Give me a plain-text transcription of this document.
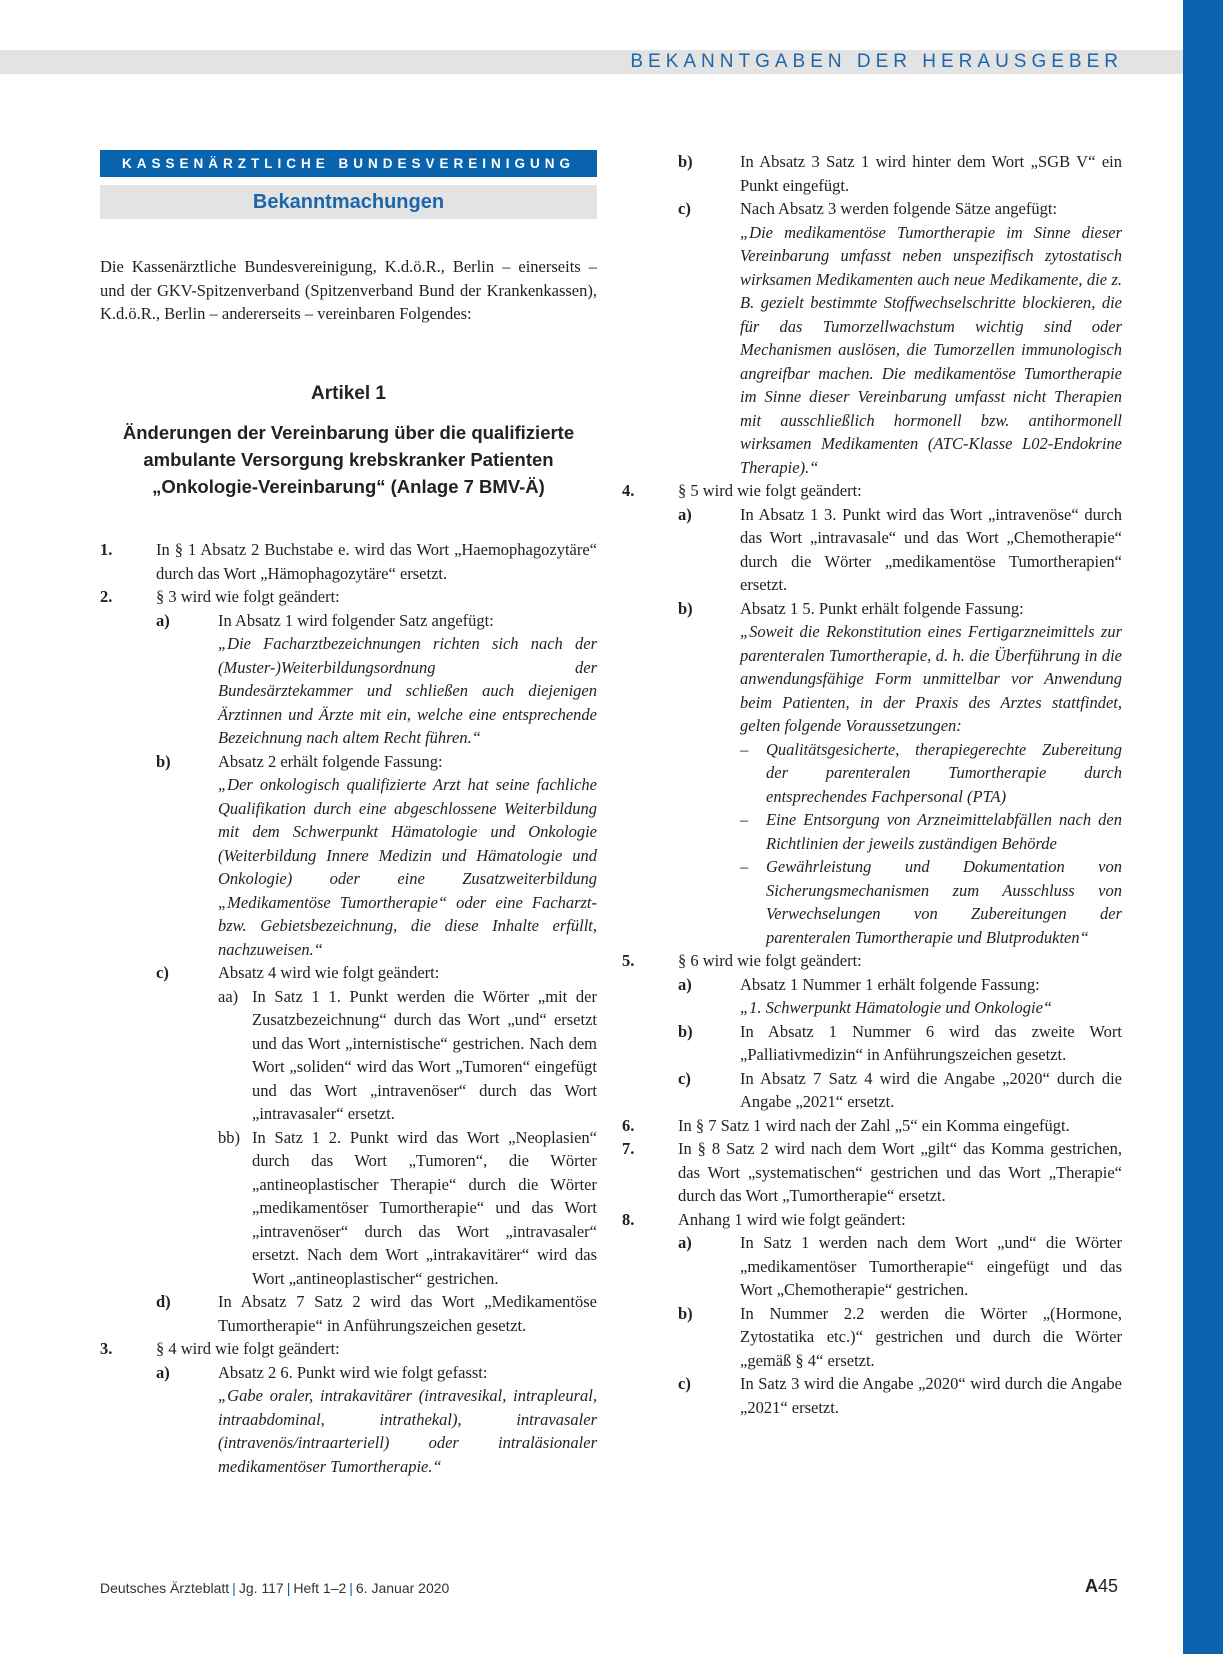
BEKANNTGABEN DER HERAUSGEBER
KASSENÄRZTLICHE BUNDESVEREINIGUNG
Bekanntmachungen
Die Kassenärztliche Bundesvereinigung, K.d.ö.R., Berlin – einerseits – und der GKV-Spitzenverband (Spitzenverband Bund der Krankenkassen), K.d.ö.R., Berlin – andererseits – vereinbaren Folgendes:
Artikel 1
Änderungen der Vereinbarung über die qualifizierte ambulante Versorgung krebskranker Patienten „Onkologie-Vereinbarung“ (Anlage 7 BMV-Ä)
1.	In § 1 Absatz 2 Buchstabe e. wird das Wort „Haemophagozytäre“ durch das Wort „Hämophagozytäre“ ersetzt.
2.	§ 3 wird wie folgt geändert:
a)	In Absatz 1 wird folgender Satz angefügt:
„Die Facharztbezeichnungen richten sich nach der (Muster-)Weiterbildungsordnung der Bundesärztekammer und schließen auch diejenigen Ärztinnen und Ärzte mit ein, welche eine entsprechende Bezeichnung nach altem Recht führen.“
b)	Absatz 2 erhält folgende Fassung:
„Der onkologisch qualifizierte Arzt hat seine fachliche Qualifikation durch eine abgeschlossene Weiterbildung mit dem Schwerpunkt Hämatologie und Onkologie (Weiterbildung Innere Medizin und Hämatologie und Onkologie) oder eine Zusatzweiterbildung „Medikamentöse Tumortherapie“ oder eine Facharzt- bzw. Gebietsbezeichnung, die diese Inhalte erfüllt, nachzuweisen.“
c)	Absatz 4 wird wie folgt geändert:
aa) In Satz 1 1. Punkt werden die Wörter „mit der Zusatzbezeichnung“ durch das Wort „und“ ersetzt und das Wort „internistische“ gestrichen. Nach dem Wort „soliden“ wird das Wort „Tumoren“ eingefügt und das Wort „intravenöser“ durch das Wort „intravasaler“ ersetzt.
bb) In Satz 1 2. Punkt wird das Wort „Neoplasien“ durch das Wort „Tumoren“, die Wörter „antineoplastischer Therapie“ durch die Wörter „medikamentöser Tumortherapie“ und das Wort „intravenöser“ durch das Wort „intravasaler“ ersetzt. Nach dem Wort „intrakavitärer“ wird das Wort „antineoplastischer“ gestrichen.
d)	In Absatz 7 Satz 2 wird das Wort „Medikamentöse Tumortherapie“ in Anführungszeichen gesetzt.
3.	§ 4 wird wie folgt geändert:
a)	Absatz 2 6. Punkt wird wie folgt gefasst:
„Gabe oraler, intrakavitärer (intravesikal, intrapleural, intraabdominal, intrathekal), intravasaler (intravenös/intraarteriell) oder intraläsionaler medikamentöser Tumortherapie.“
b)	In Absatz 3 Satz 1 wird hinter dem Wort „SGB V“ ein Punkt eingefügt.
c)	Nach Absatz 3 werden folgende Sätze angefügt:
„Die medikamentöse Tumortherapie im Sinne dieser Vereinbarung umfasst neben unspezifisch zytostatisch wirksamen Medikamenten auch neue Medikamente, die z. B. gezielt bestimmte Stoffwechselschritte blockieren, die für das Tumorzellwachstum wichtig sind oder Mechanismen auslösen, die Tumorzellen immunologisch angreifbar machen. Die medikamentöse Tumortherapie im Sinne dieser Vereinbarung umfasst nicht Therapien mit ausschließlich hormonell bzw. antihormonell wirksamen Medikamenten (ATC-Klasse L02-Endokrine Therapie).“
4.	§ 5 wird wie folgt geändert:
a)	In Absatz 1 3. Punkt wird das Wort „intravenöse“ durch das Wort „intravasale“ und das Wort „Chemotherapie“ durch die Wörter „medikamentöse Tumortherapien“ ersetzt.
b)	Absatz 1 5. Punkt erhält folgende Fassung:
„Soweit die Rekonstitution eines Fertigarzneimittels zur parenteralen Tumortherapie, d. h. die Überführung in die anwendungsfähige Form unmittelbar vor Anwendung beim Patienten, in der Praxis des Arztes stattfindet, gelten folgende Voraussetzungen:
–	Qualitätsgesicherte, therapiegerechte Zubereitung der parenteralen Tumortherapie durch entsprechendes Fachpersonal (PTA)
–	Eine Entsorgung von Arzneimittelabfällen nach den Richtlinien der jeweils zuständigen Behörde
–	Gewährleistung und Dokumentation von Sicherungsmechanismen zum Ausschluss von Verwechselungen von Zubereitungen der parenteralen Tumortherapie und Blutprodukten“
5.	§ 6 wird wie folgt geändert:
a)	Absatz 1 Nummer 1 erhält folgende Fassung:
„1. Schwerpunkt Hämatologie und Onkologie“
b)	In Absatz 1 Nummer 6 wird das zweite Wort „Palliativmedizin“ in Anführungszeichen gesetzt.
c)	In Absatz 7 Satz 4 wird die Angabe „2020“ durch die Angabe „2021“ ersetzt.
6.	In § 7 Satz 1 wird nach der Zahl „5“ ein Komma eingefügt.
7.	In § 8 Satz 2 wird nach dem Wort „gilt“ das Komma gestrichen, das Wort „systematischen“ gestrichen und das Wort „Therapie“ durch das Wort „Tumortherapie“ ersetzt.
8.	Anhang 1 wird wie folgt geändert:
a)	In Satz 1 werden nach dem Wort „und“ die Wörter „medikamentöser Tumortherapie“ eingefügt und das Wort „Chemotherapie“ gestrichen.
b)	In Nummer 2.2 werden die Wörter „(Hormone, Zytostatika etc.)“ gestrichen und durch die Wörter „gemäß § 4“ ersetzt.
c)	In Satz 3 wird die Angabe „2020“ wird durch die Angabe „2021“ ersetzt.
Deutsches Ärzteblatt | Jg. 117 | Heft 1–2 | 6. Januar 2020	A45
